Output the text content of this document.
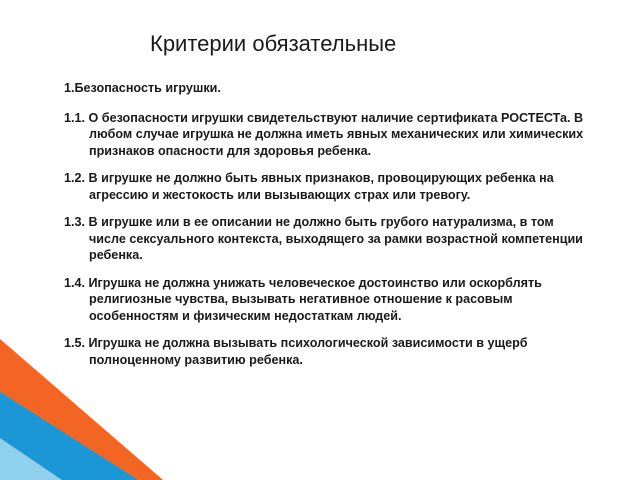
Критерии обязательные

1.Безопасность игрушки.

1.1. О безопасности игрушки свидетельствуют наличие сертификата РОСТЕСТа. В любом случае игрушка не должна иметь явных механических или химических признаков опасности для здоровья ребенка.

1.2. В игрушке не должно быть явных признаков, провоцирующих ребенка на агрессию и жестокость или вызывающих страх или тревогу.

1.3. В игрушке или в ее описании не должно быть грубого натурализма, в том числе сексуального контекста, выходящего за рамки возрастной компетенции ребенка.

1.4. Игрушка не должна унижать человеческое достоинство или оскорблять религиозные чувства, вызывать негативное отношение к расовым особенностям и физическим недостаткам людей.

1.5. Игрушка не должна вызывать психологической зависимости в ущерб полноценному развитию ребенка.
